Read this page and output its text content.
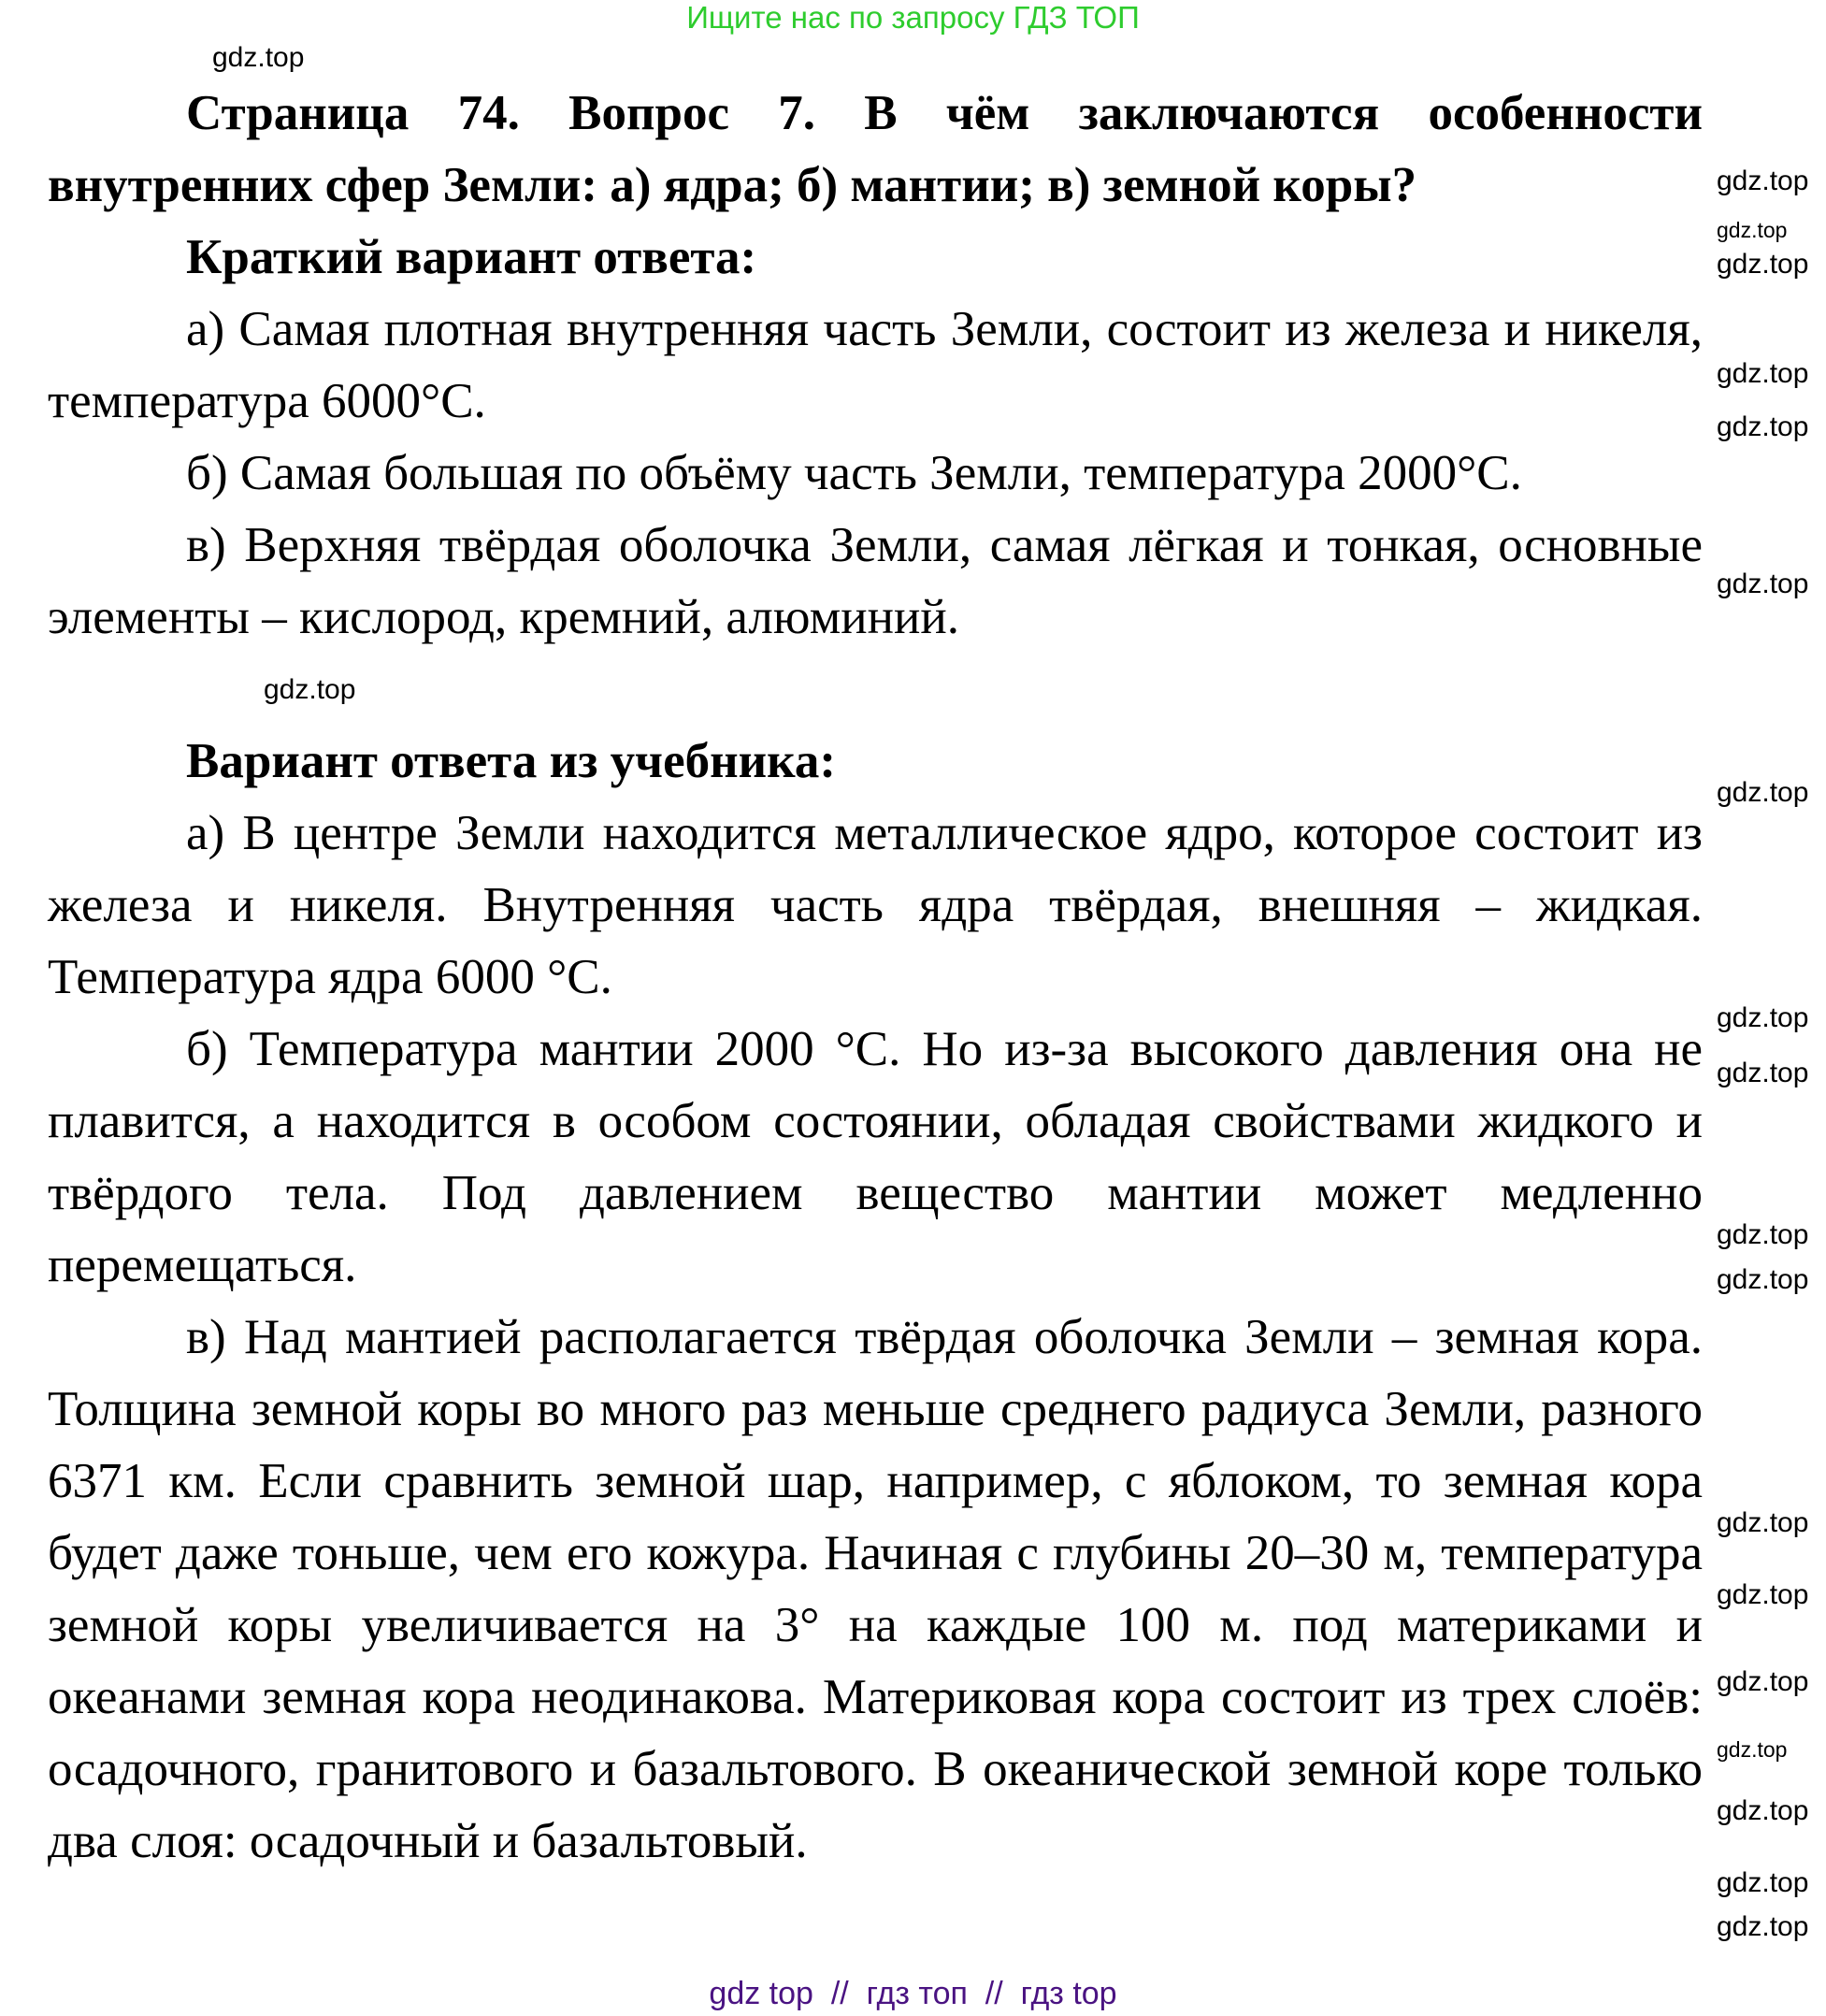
Ищите нас по запросу ГДЗ ТОП

Страница 74. Вопрос 7. В чём заключаются особенности внутренних сфер Земли: а) ядра; б) мантии; в) земной коры?

Краткий вариант ответа:

а) Самая плотная внутренняя часть Земли, состоит из железа и никеля, температура 6000°С.

б) Самая большая по объёму часть Земли, температура 2000°С.

в) Верхняя твёрдая оболочка Земли, самая лёгкая и тонкая, основные элементы – кислород, кремний, алюминий.

Вариант ответа из учебника:

а) В центре Земли находится металлическое ядро, которое состоит из железа и никеля. Внутренняя часть ядра твёрдая, внешняя – жидкая. Температура ядра 6000 °С.

б) Температура мантии 2000 °С. Но из-за высокого давления она не плавится, а находится в особом состоянии, обладая свойствами жидкого и твёрдого тела. Под давлением вещество мантии может медленно перемещаться.

в) Над мантией располагается твёрдая оболочка Земли – земная кора. Толщина земной коры во много раз меньше среднего радиуса Земли, разного 6371 км. Если сравнить земной шар, например, с яблоком, то земная кора будет даже тоньше, чем его кожура. Начиная с глубины 20–30 м, температура земной коры увеличивается на 3° на каждые 100 м. под материками и океанами земная кора неодинакова. Материковая кора состоит из трех слоёв: осадочного, гранитового и базальтового. В океанической земной коре только два слоя: осадочный и базальтовый.

gdz.top
gdz.top
gdz.top
gdz.top
gdz.top
gdz.top
gdz.top
gdz.top
gdz.top
gdz.top
gdz.top
gdz.top
gdz.top
gdz.top
gdz.top
gdz.top
gdz.top
gdz.top
gdz.top
gdz.top
gdz top  //  гдз топ  //  гдз top
